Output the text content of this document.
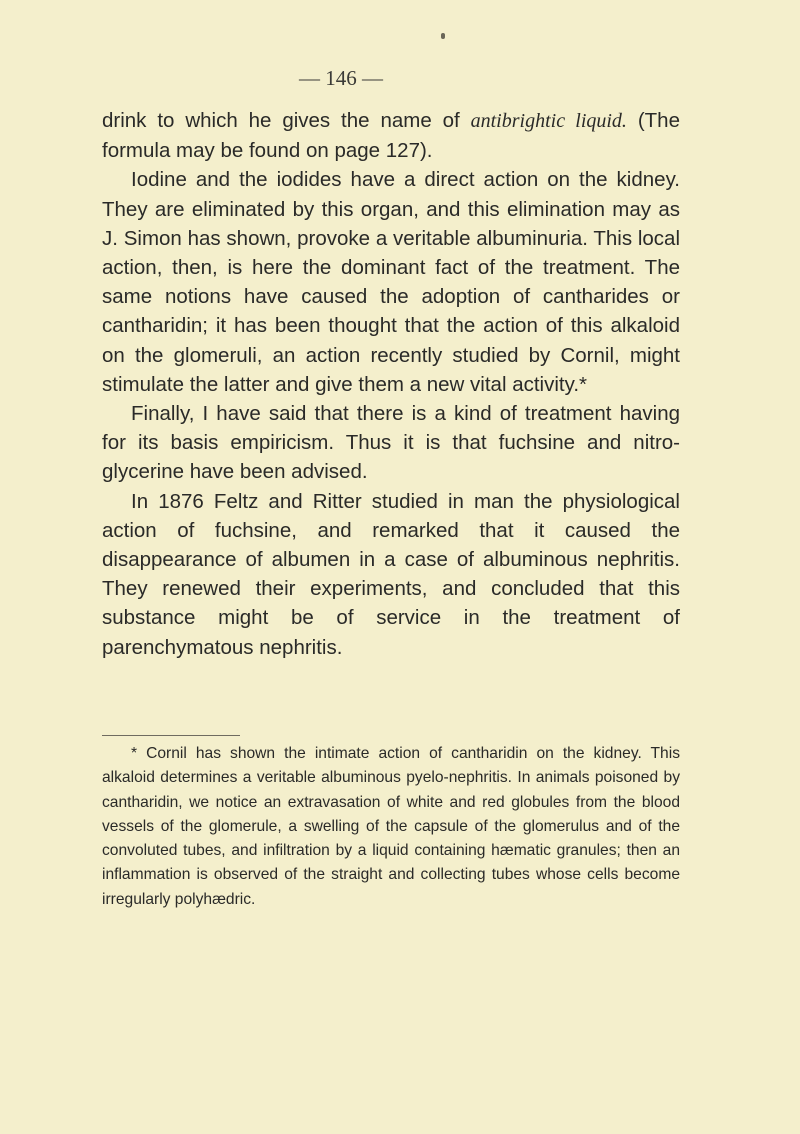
— 146 —

drink to which he gives the name of antibrightic liquid. (The formula may be found on page 127).

Iodine and the iodides have a direct action on the kidney. They are eliminated by this organ, and this elimination may as J. Simon has shown, provoke a veritable albuminuria. This local action, then, is here the dominant fact of the treatment. The same notions have caused the adoption of cantharides or cantharidin; it has been thought that the action of this alkaloid on the glomeruli, an action recently studied by Cornil, might stimulate the latter and give them a new vital activity.*

Finally, I have said that there is a kind of treatment having for its basis empiricism. Thus it is that fuchsine and nitro-glycerine have been advised.

In 1876 Feltz and Ritter studied in man the physiological action of fuchsine, and remarked that it caused the disappearance of albumen in a case of albuminous nephritis. They renewed their experiments, and concluded that this substance might be of service in the treatment of parenchymatous nephritis.

* Cornil has shown the intimate action of cantharidin on the kidney. This alkaloid determines a veritable albuminous pyelo-nephritis. In animals poisoned by cantharidin, we notice an extravasation of white and red globules from the blood vessels of the glomerule, a swelling of the capsule of the glomerulus and of the convoluted tubes, and infiltration by a liquid containing hæmatic granules; then an inflammation is observed of the straight and collecting tubes whose cells become irregularly polyhædric.
